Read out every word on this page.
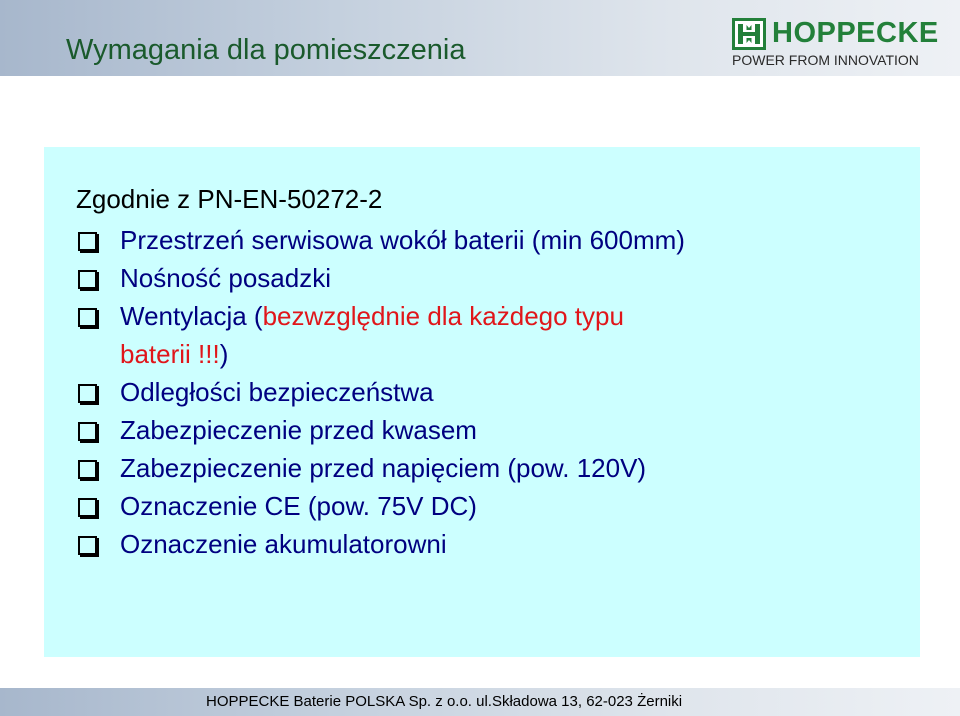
Wymagania dla pomieszczenia
HOPPECKE
POWER FROM INNOVATION

Zgodnie z PN-EN-50272-2

Przestrzeń serwisowa wokół baterii (min 600mm)
Nośność posadzki
Wentylacja (bezwzględnie dla każdego typu
baterii !!!)
Odległości bezpieczeństwa
Zabezpieczenie przed kwasem
Zabezpieczenie przed napięciem (pow. 120V)
Oznaczenie CE (pow. 75V DC)
Oznaczenie akumulatorowni
HOPPECKE Baterie POLSKA Sp. z o.o. ul.Składowa 13, 62-023 Żerniki
